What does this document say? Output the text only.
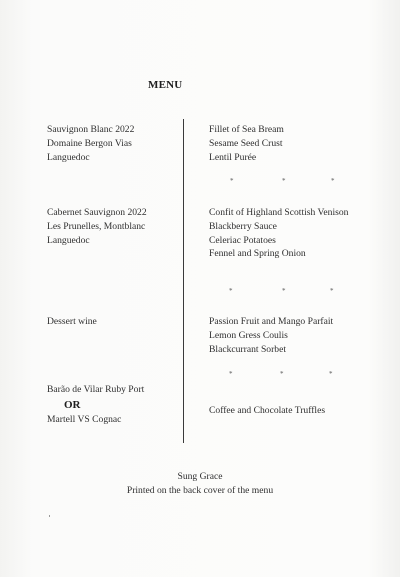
MENU
Sauvignon Blanc 2022
Domaine Bergon Vias
Languedoc
Fillet of Sea Bream
Sesame Seed Crust
Lentil Purée
*	*	*
Cabernet Sauvignon 2022
Les Prunelles, Montblanc
Languedoc
Confit of Highland Scottish Venison
Blackberry Sauce
Celeriac Potatoes
Fennel and Spring Onion
*	*	*
Dessert wine	Passion Fruit and Mango Parfait
Lemon Gress Coulis
Blackcurrant Sorbet
*	*	*
Barão de Vilar Ruby Port
OR
Martell VS Cognac
Coffee and Chocolate Truffles
Sung Grace
Printed on the back cover of the menu
